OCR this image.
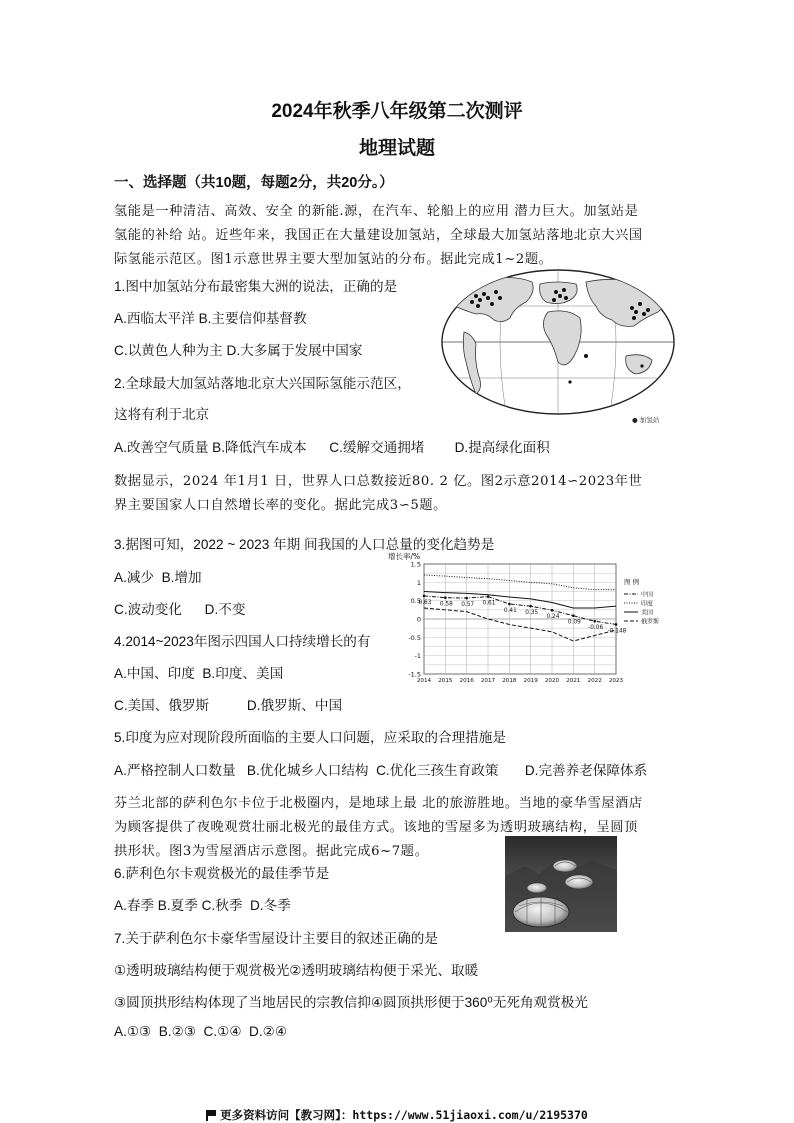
2024年秋季八年级第二次测评
地理试题
一、选择题（共10题，每题2分，共20分。）
氢能是一种清洁、高效、安全 的新能.源，在汽车、轮船上的应用 潜力巨大。加氢站是
氢能的补给 站。近些年来，我国正在大量建设加氢站，全球最大加氢站落地北京大兴国
际氢能示范区。图1示意世界主要大型加氢站的分布。据此完成1~2题。
1.图中加氢站分布最密集大洲的说法，正确的是
A.西临太平洋 B.主要信仰基督教
C.以黄色人种为主 D.大多属于发展中国家
2.全球最大加氢站落地北京大兴国际氢能示范区，
这将有利于北京
A.改善空气质量 B.降低汽车成本      C.缓解交通拥堵        D.提高绿化面积
● 加氢站
数据显示，2024 年1月1 日，世界人口总数接近80. 2 亿。图2示意2014∽2023年世
界主要国家人口自然增长率的变化。据此完成3∽5题。
3.据图可知，2022 ~ 2023 年期 间我国的人口总量的变化趋势是
A.减少  B.增加
C.波动变化      D.不变
4.2014~2023年图示四国人口持续增长的有
A.中国、印度  B.印度、美国
C.美国、俄罗斯          D.俄罗斯、中国
增长率/%
-1.5
-1
-0.5
0
0.5
1
1.5
2014 2015 2016 2017 2018 2019 2020 2021 2022 2023
0.63 0.58 0.57 0.61
0.41 0.35
0.24
0.09
-0.06
-0.148
图 例
中国
印度
美国
俄罗斯
5.印度为应对现阶段所面临的主要人口问题，应采取的合理措施是
A.严格控制人口数量   B.优化城乡人口结构  C.优化三孩生育政策       D.完善养老保障体系
芬兰北部的萨利色尔卡位于北极圈内，是地球上最 北的旅游胜地。当地的豪华雪屋酒店
为顾客提供了夜晚观赏壮丽北极光的最佳方式。该地的雪屋多为透明玻璃结构，呈圆顶
拱形状。图3为雪屋酒店示意图。据此完成6~7题。
6.萨利色尔卡观赏极光的最佳季节是
A.春季 B.夏季 C.秋季  D.冬季
7.关于萨利色尔卡豪华雪屋设计主要目的叙述正确的是
①透明玻璃结构便于观赏极光②透明玻璃结构便于采光、取暖
③圆顶拱形结构体现了当地居民的宗教信抑④圆顶拱形便于360⁰无死角观赏极光
A.①③  B.②③  C.①④  D.②④
更多资料访问【教习网】：https://www.51jiaoxi.com/u/2195370
